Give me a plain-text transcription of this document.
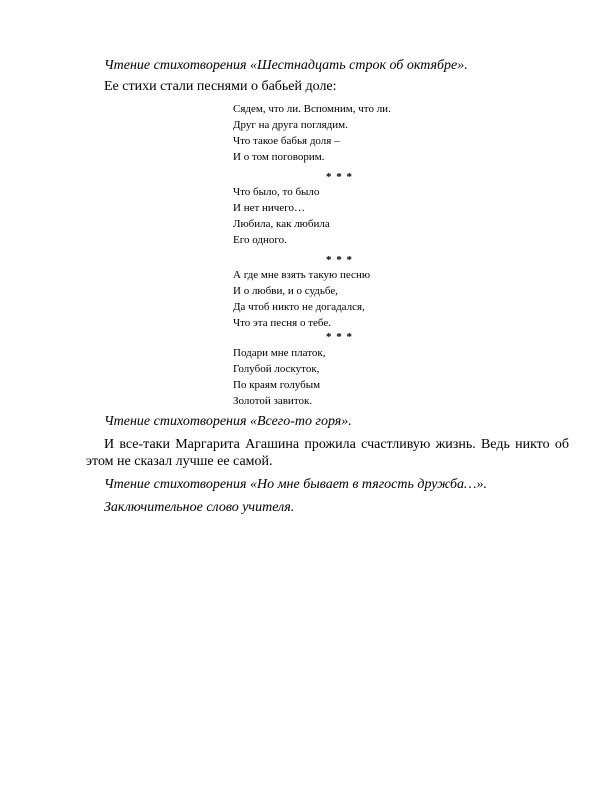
Чтение стихотворения «Шестнадцать строк об октябре».
Ее стихи стали песнями о бабьей доле:
Сядем, что ли. Вспомним, что ли.
Друг на друга поглядим.
Что такое бабья доля –
И о том поговорим.
* * *
Что было, то было
И нет ничего…
Любила, как любила
Его одного.
* * *
А где мне взять такую песню
И о любви, и о судьбе,
Да чтоб никто не догадался,
Что эта песня о тебе.
* * *
Подари мне платок,
Голубой лоскуток,
По краям голубым
Золотой завиток.
Чтение стихотворения «Всего-то горя».
И все-таки Маргарита Агашина прожила счастливую жизнь. Ведь никто об этом не сказал лучше ее самой.
Чтение стихотворения «Но мне бывает в тягость дружба…».
Заключительное слово учителя.
